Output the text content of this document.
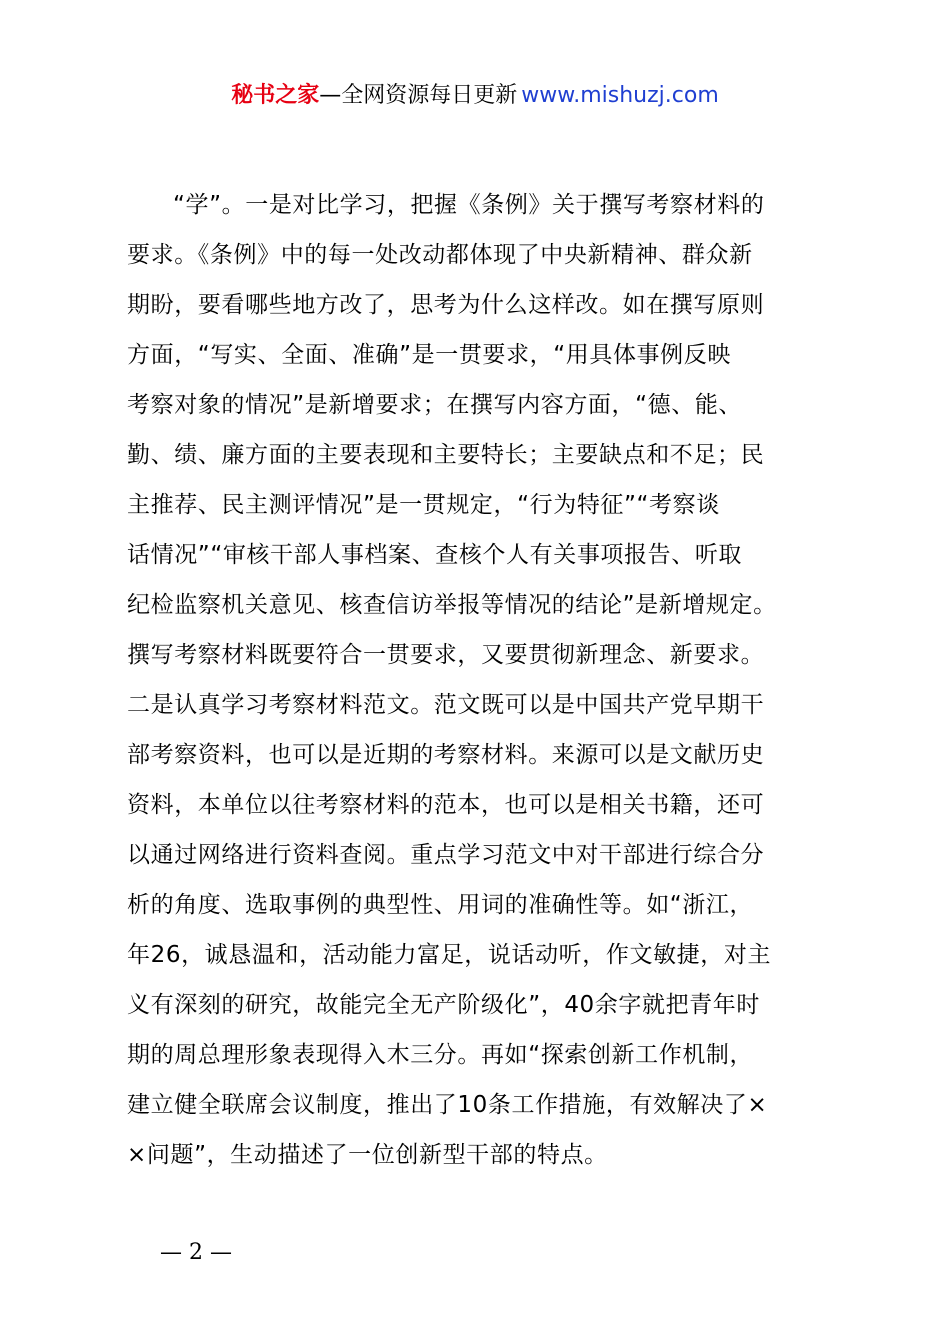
秘书之家—全网资源每日更新 www.mishuzj.com
“学”。一是对比学习，把握《条例》关于撰写考察材料的
要求。《条例》中的每一处改动都体现了中央新精神、群众新
期盼，要看哪些地方改了，思考为什么这样改。如在撰写原则
方面，“写实、全面、准确”是一贯要求，“用具体事例反映
考察对象的情况”是新增要求；在撰写内容方面，“德、能、
勤、绩、廉方面的主要表现和主要特长；主要缺点和不足；民
主推荐、民主测评情况”是一贯规定，“行为特征”“考察谈
话情况”“审核干部人事档案、查核个人有关事项报告、听取
纪检监察机关意见、核查信访举报等情况的结论”是新增规定。
撰写考察材料既要符合一贯要求，又要贯彻新理念、新要求。
二是认真学习考察材料范文。范文既可以是中国共产党早期干
部考察资料，也可以是近期的考察材料。来源可以是文献历史
资料，本单位以往考察材料的范本，也可以是相关书籍，还可
以通过网络进行资料查阅。重点学习范文中对干部进行综合分
析的角度、选取事例的典型性、用词的准确性等。如“浙江，
年26，诚恳温和，活动能力富足，说话动听，作文敏捷，对主
义有深刻的研究，故能完全无产阶级化”，40余字就把青年时
期的周总理形象表现得入木三分。再如“探索创新工作机制，
建立健全联席会议制度，推出了10条工作措施，有效解决了×
×问题”，生动描述了一位创新型干部的特点。
— 2 —
